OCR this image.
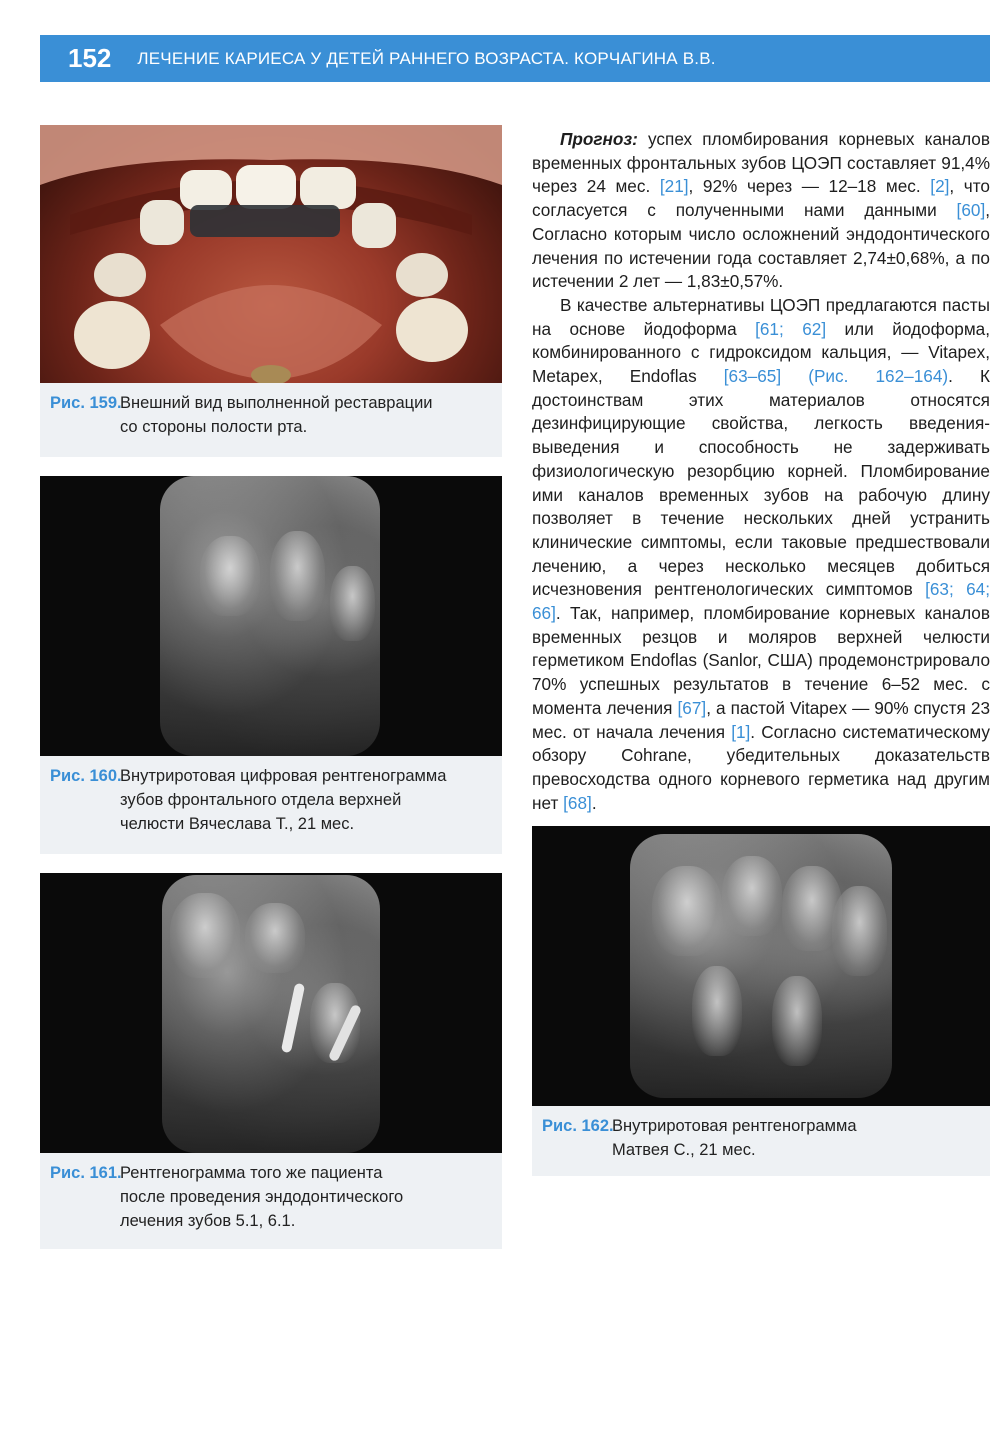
152 ЛЕЧЕНИЕ КАРИЕСА У ДЕТЕЙ РАННЕГО ВОЗРАСТА. КОРЧАГИНА В.В.
Рис. 159.
Внешний вид выполненной реставрации
со стороны полости рта.
Рис. 160.
Внутриротовая цифровая рентгенограмма
зубов фронтального отдела верхней
челюсти Вячеслава Т., 21 мес.
Рис. 161.
Рентгенограмма того же пациента
после проведения эндодонтического
лечения зубов 5.1, 6.1.

Прогноз: успех пломбирования корневых каналов временных фронтальных зубов ЦОЭП составляет 91,4% через 24 мес. [21], 92% через — 12–18 мес. [2], что согласуется с полученными нами данными [60], Согласно которым число осложнений эндодонтического лечения по истечении года составляет 2,74±0,68%, а по истечении 2 лет — 1,83±0,57%.

В качестве альтернативы ЦОЭП предлагаются пасты на основе йодоформа [61; 62] или йодоформа, комбинированного с гидроксидом кальция, — Vitapex, Metapex, Endoflas [63–65] (Рис. 162–164). К достоинствам этих материалов относятся дезинфицирующие свойства, легкость введения-выведения и способность не задерживать физиологическую резорбцию корней. Пломбирование ими каналов временных зубов на рабочую длину позволяет в течение нескольких дней устранить клинические симптомы, если таковые предшествовали лечению, а через несколько месяцев добиться исчезновения рентгенологических симптомов [63; 64; 66]. Так, например, пломбирование корневых каналов временных резцов и моляров верхней челюсти герметиком Endoflas (Sanlor, США) продемонстрировало 70% успешных результатов в течение 6–52 мес. с момента лечения [67], а пастой Vitapex — 90% спустя 23 мес. от начала лечения [1]. Согласно систематическому обзору Cohrane, убедительных доказательств превосходства одного корневого герметика над другим нет [68].

Рис. 162.
Внутриротовая рентгенограмма
Матвея С., 21 мес.
